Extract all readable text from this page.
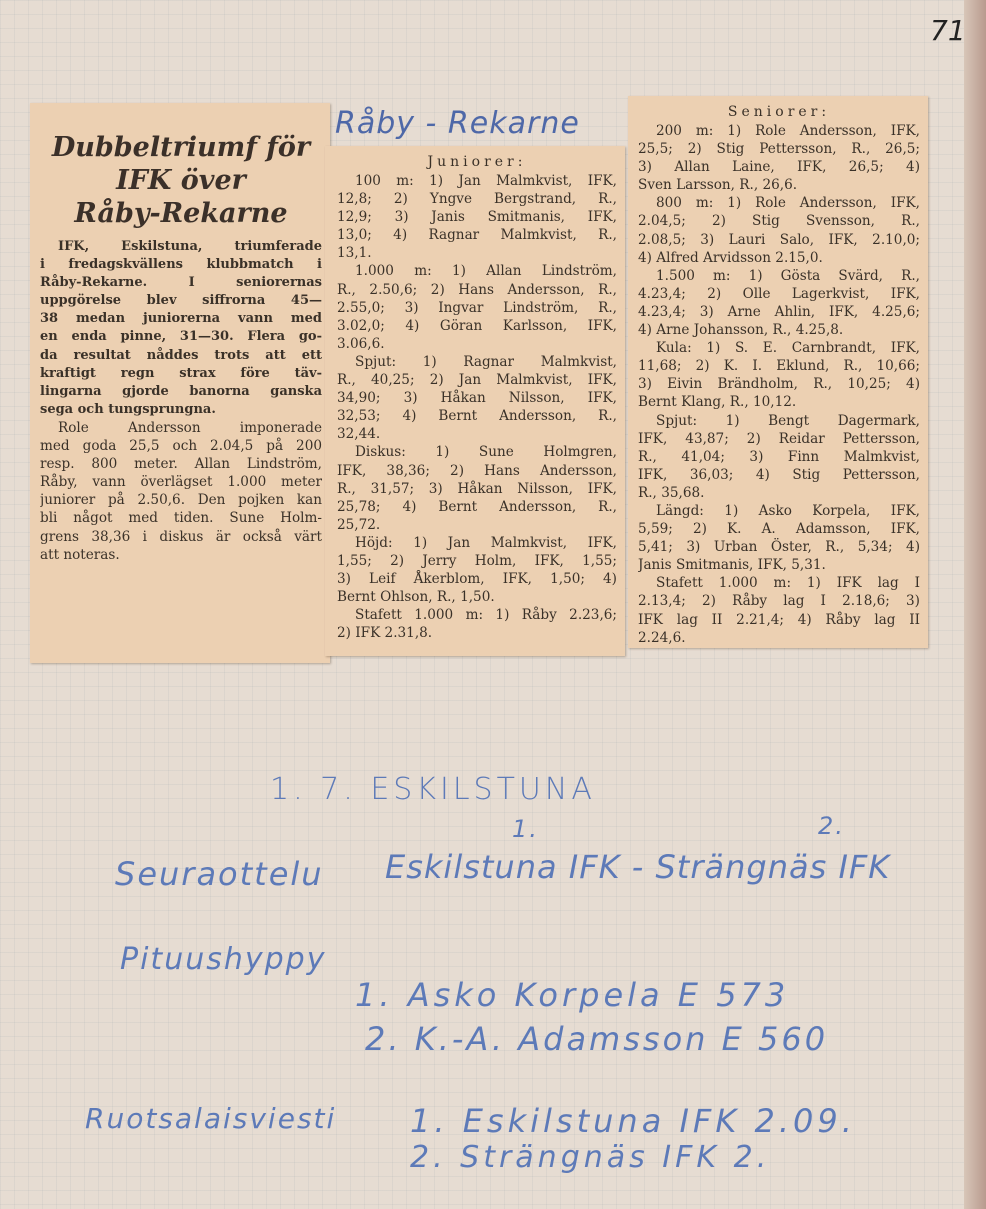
71
Dubbeltriumf för
IFK över
Råby-Rekarne
IFK, Eskilstuna, triumferade
i fredagskvällens klubbmatch i
Råby-Rekarne. I seniorernas
uppgörelse blev siffrorna 45—
38 medan juniorerna vann med
en enda pinne, 31—30. Flera go-
da resultat nåddes trots att ett
kraftigt regn strax före täv-
lingarna gjorde banorna ganska
sega och tungsprungna.
Role Andersson imponerade
med goda 25,5 och 2.04,5 på 200
resp. 800 meter. Allan Lindström,
Råby, vann överlägset 1.000 meter
juniorer på 2.50,6. Den pojken kan
bli något med tiden. Sune Holm-
grens 38,36 i diskus är också värt
att noteras.
Råby - Rekarne
Juniorer:
100 m: 1) Jan Malmkvist, IFK,
12,8; 2) Yngve Bergstrand, R.,
12,9; 3) Janis Smitmanis, IFK,
13,0; 4) Ragnar Malmkvist, R.,
13,1.
1.000 m: 1) Allan Lindström,
R., 2.50,6; 2) Hans Andersson, R.,
2.55,0; 3) Ingvar Lindström, R.,
3.02,0; 4) Göran Karlsson, IFK,
3.06,6.
Spjut: 1) Ragnar Malmkvist,
R., 40,25; 2) Jan Malmkvist, IFK,
34,90; 3) Håkan Nilsson, IFK,
32,53; 4) Bernt Andersson, R.,
32,44.
Diskus: 1) Sune Holmgren,
IFK, 38,36; 2) Hans Andersson,
R., 31,57; 3) Håkan Nilsson, IFK,
25,78; 4) Bernt Andersson, R.,
25,72.
Höjd: 1) Jan Malmkvist, IFK,
1,55; 2) Jerry Holm, IFK, 1,55;
3) Leif Åkerblom, IFK, 1,50; 4)
Bernt Ohlson, R., 1,50.
Stafett 1.000 m: 1) Råby 2.23,6;
2) IFK 2.31,8.
Seniorer:
200 m: 1) Role Andersson, IFK,
25,5; 2) Stig Pettersson, R., 26,5;
3) Allan Laine, IFK, 26,5; 4)
Sven Larsson, R., 26,6.
800 m: 1) Role Andersson, IFK,
2.04,5; 2) Stig Svensson, R.,
2.08,5; 3) Lauri Salo, IFK, 2.10,0;
4) Alfred Arvidsson 2.15,0.
1.500 m: 1) Gösta Svärd, R.,
4.23,4; 2) Olle Lagerkvist, IFK,
4.23,4; 3) Arne Ahlin, IFK, 4.25,6;
4) Arne Johansson, R., 4.25,8.
Kula: 1) S. E. Carnbrandt, IFK,
11,68; 2) K. I. Eklund, R., 10,66;
3) Eivin Brändholm, R., 10,25; 4)
Bernt Klang, R., 10,12.
Spjut: 1) Bengt Dagermark,
IFK, 43,87; 2) Reidar Pettersson,
R., 41,04; 3) Finn Malmkvist,
IFK, 36,03; 4) Stig Pettersson,
R., 35,68.
Längd: 1) Asko Korpela, IFK,
5,59; 2) K. A. Adamsson, IFK,
5,41; 3) Urban Öster, R., 5,34; 4)
Janis Smitmanis, IFK, 5,31.
Stafett 1.000 m: 1) IFK lag I
2.13,4; 2) Råby lag I 2.18,6; 3)
IFK lag II 2.21,4; 4) Råby lag II
2.24,6.
1. 7. ESKILSTUNA
1.	2.
Seuraottelu Eskilstuna IFK - Strängnäs IFK
Pituushyppy
1. Asko Korpela E 573
2. K.-A. Adamsson E 560
Ruotsalaisviesti 1. Eskilstuna IFK 2.09.
2. Strängnäs IFK 2.
